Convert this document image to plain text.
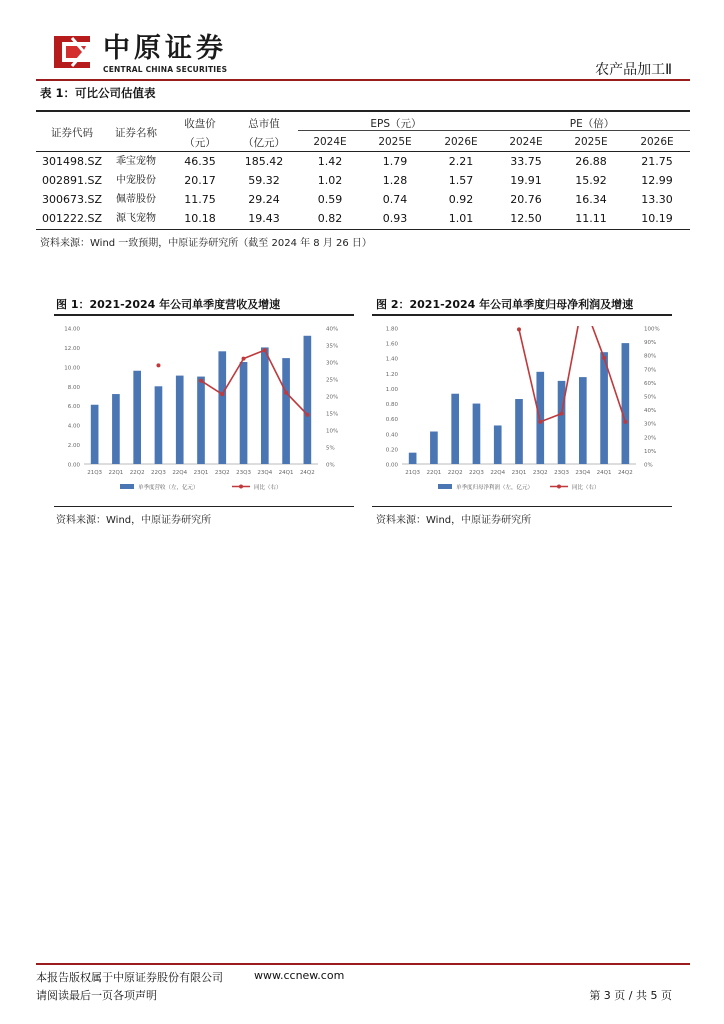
中原证券
CENTRAL CHINA SECURITIES	农产品加工Ⅱ
表 1：可比公司估值表
证券代码	证券名称
收盘价
（元）
总市值
（亿元）
EPS（元）	PE（倍）
2024E	2025E	2026E	2024E	2025E	2026E
301498.SZ	乖宝宠物	46.35	185.42	1.42	1.79	2.21	33.75	26.88	21.75
002891.SZ	中宠股份	20.17	59.32	1.02	1.28	1.57	19.91	15.92	12.99
300673.SZ	佩蒂股份	11.75	29.24	0.59	0.74	0.92	20.76	16.34	13.30
001222.SZ	源飞宠物	10.18	19.43	0.82	0.93	1.01	12.50	11.11	10.19
资料来源：Wind 一致预期，中原证券研究所（截至 2024 年 8 月 26 日）
图 1：2021-2024 年公司单季度营收及增速
0.00
2.00
4.00
6.00
8.00
10.00
12.00
14.00
0%
5%
10%
15%
20%
25%
30%
35%
40%
21Q3 22Q1 22Q2 22Q3 22Q4 23Q1 23Q2 23Q3 23Q4 24Q1 24Q2
单季度营收（左，亿元）	同比（右）
资料来源：Wind，中原证券研究所
图 2：2021-2024 年公司单季度归母净利润及增速
0.00
0.20
0.40
0.60
0.80
1.00
1.20
1.40
1.60
1.80
0%
10%
20%
30%
40%
50%
60%
70%
80%
90%
100%
21Q3 22Q1 22Q2 22Q3 22Q4 23Q1 23Q2 23Q3 23Q4 24Q1 24Q2
单季度归母净利润（左，亿元）	同比（右）
资料来源：Wind，中原证券研究所
本报告版权属于中原证券股份有限公司	www.ccnew.com
请阅读最后一页各项声明	第 3 页 / 共 5 页
